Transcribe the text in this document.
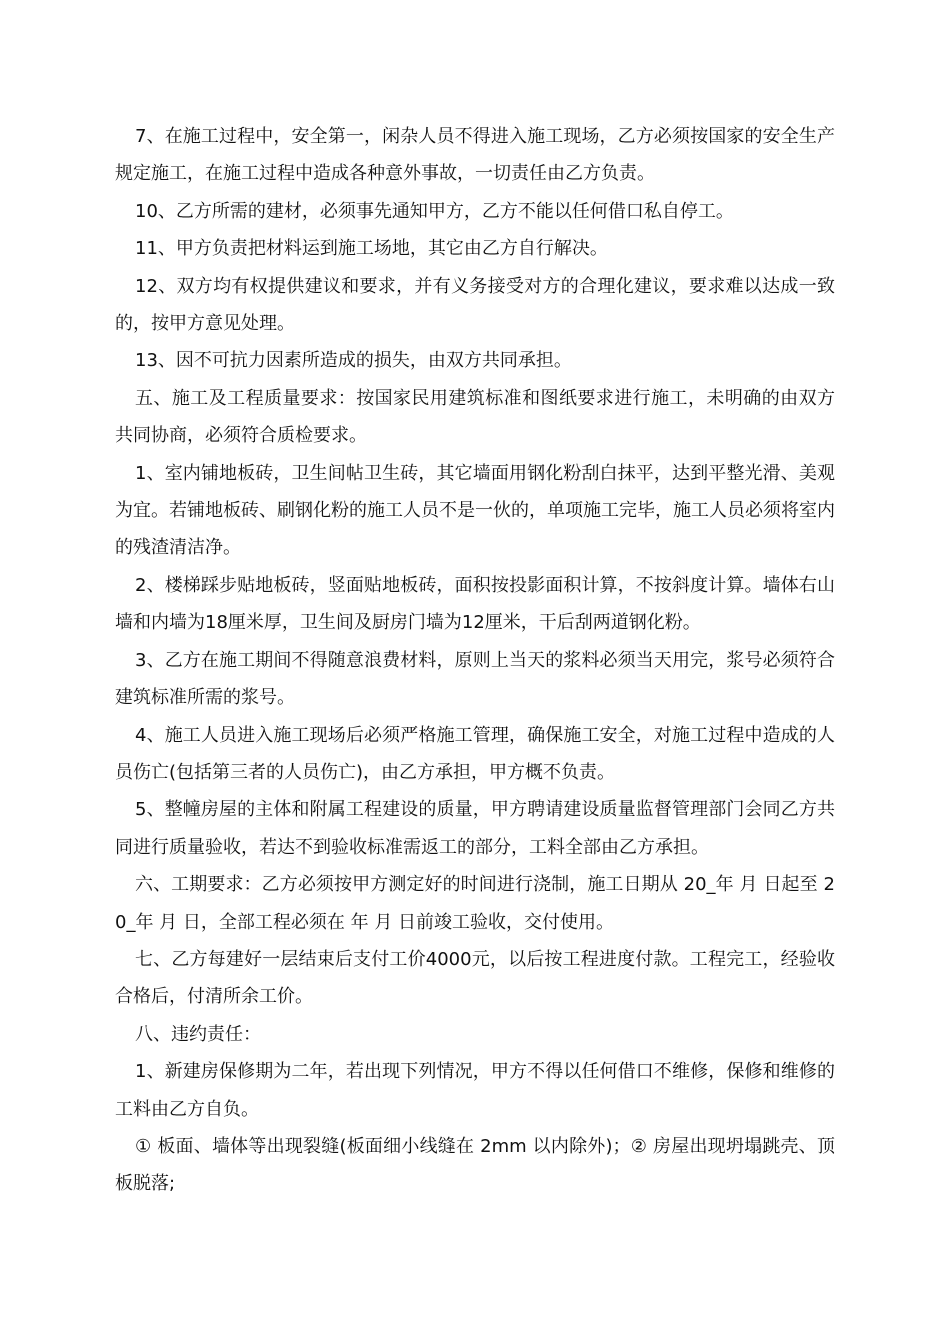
7、在施工过程中，安全第一，闲杂人员不得进入施工现场，乙方必须按国家的安全生产规定施工，在施工过程中造成各种意外事故，一切责任由乙方负责。

10、乙方所需的建材，必须事先通知甲方，乙方不能以任何借口私自停工。

11、甲方负责把材料运到施工场地，其它由乙方自行解决。

12、双方均有权提供建议和要求，并有义务接受对方的合理化建议，要求难以达成一致的，按甲方意见处理。

13、因不可抗力因素所造成的损失，由双方共同承担。

五、施工及工程质量要求：按国家民用建筑标准和图纸要求进行施工，未明确的由双方共同协商，必须符合质检要求。

1、室内铺地板砖，卫生间帖卫生砖，其它墙面用钢化粉刮白抹平，达到平整光滑、美观为宜。若铺地板砖、刷钢化粉的施工人员不是一伙的，单项施工完毕，施工人员必须将室内的残渣清洁净。

2、楼梯踩步贴地板砖，竖面贴地板砖，面积按投影面积计算，不按斜度计算。墙体右山墙和内墙为18厘米厚，卫生间及厨房门墙为12厘米，干后刮两道钢化粉。

3、乙方在施工期间不得随意浪费材料，原则上当天的浆料必须当天用完，浆号必须符合建筑标准所需的浆号。

4、施工人员进入施工现场后必须严格施工管理，确保施工安全，对施工过程中造成的人员伤亡(包括第三者的人员伤亡)，由乙方承担，甲方概不负责。

5、整幢房屋的主体和附属工程建设的质量，甲方聘请建设质量监督管理部门会同乙方共同进行质量验收，若达不到验收标准需返工的部分，工料全部由乙方承担。

六、工期要求：乙方必须按甲方测定好的时间进行浇制，施工日期从 20_年 月 日起至 20_年 月 日，全部工程必须在 年 月 日前竣工验收，交付使用。

七、乙方每建好一层结束后支付工价4000元，以后按工程进度付款。工程完工，经验收合格后，付清所余工价。

八、违约责任：

1、新建房保修期为二年，若出现下列情况，甲方不得以任何借口不维修，保修和维修的工料由乙方自负。

① 板面、墙体等出现裂缝(板面细小线缝在 2mm 以内除外)；② 房屋出现坍塌跳壳、顶板脱落;
